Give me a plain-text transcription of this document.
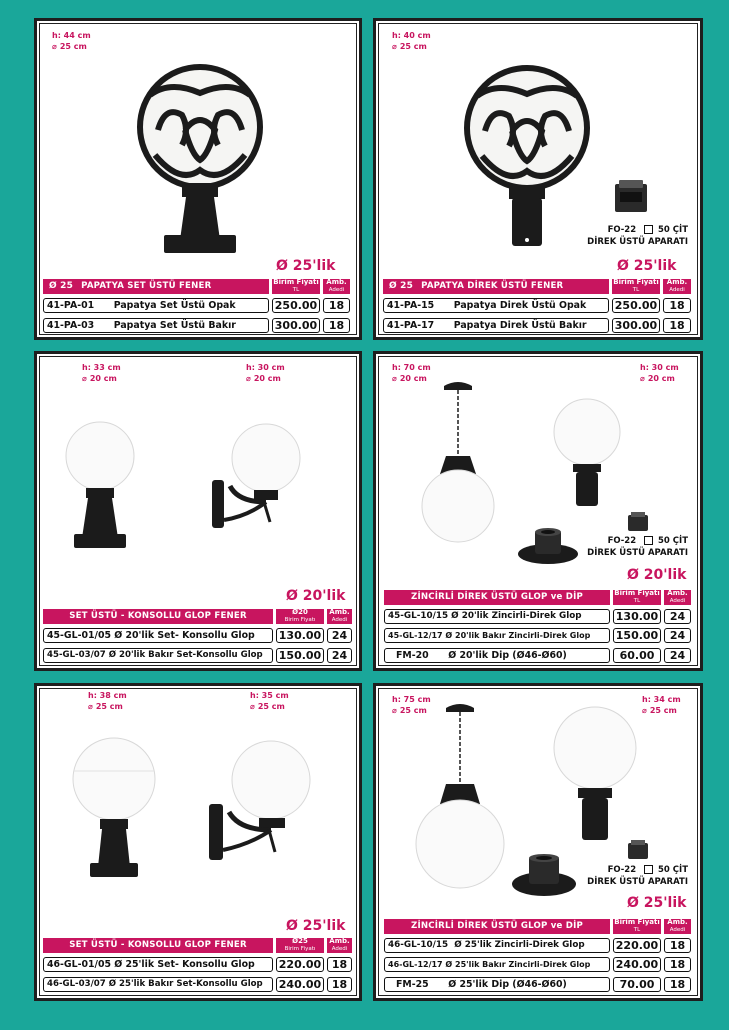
h: 44 cm
⌀ 25 cm
Ø 25'lik
Ø 25 PAPATYA SET ÜSTÜ FENER	Birim Fiyatı
TL
Amb.
Adedi
41-PA-01 Papatya Set Üstü Opak	250.00	18
41-PA-03 Papatya Set Üstü Bakır	300.00	18
h: 40 cm
⌀ 25 cm
FO-22	50 ÇİT
DİREK ÜSTÜ APARATI
Ø 25'lik
Ø 25 PAPATYA DİREK ÜSTÜ FENER	Birim Fiyatı
TL
Amb.
Adedi
41-PA-15 Papatya Direk Üstü Opak	250.00	18
41-PA-17 Papatya Direk Üstü Bakır	300.00	18
h: 33 cm
⌀ 20 cm
h: 30 cm
⌀ 20 cm
Ø 20'lik
SET ÜSTÜ - KONSOLLU GLOP FENER	Ø20
Birim Fiyatı
Amb.
Adedi
45-GL-01/05 Ø 20'lik Set- Konsollu Glop	130.00 24
45-GL-03/07 Ø 20'lik Bakır Set-Konsollu Glop	150.00 24
h: 70 cm
⌀ 20 cm
h: 30 cm
⌀ 20 cm
FO-22	50 ÇİT
DİREK ÜSTÜ APARATI
Ø 20'lik
ZİNCİRLİ DİREK ÜSTÜ GLOP ve DİP	Birim Fiyatı
TL
Amb.
Adedi
45-GL-10/15 Ø 20'lik Zincirli-Direk Glop	130.00	24
45-GL-12/17 Ø 20'lik Bakır Zincirli-Direk Glop	150.00	24
FM-20 Ø 20'lik Dip (Ø46-Ø60)	60.00	24
h: 38 cm
⌀ 25 cm
h: 35 cm
⌀ 25 cm
Ø 25'lik
SET ÜSTÜ - KONSOLLU GLOP FENER	Ø25
Birim Fiyatı
Amb.
Adedi
46-GL-01/05 Ø 25'lik Set- Konsollu Glop	220.00 18
46-GL-03/07 Ø 25'lik Bakır Set-Konsollu Glop	240.00 18
h: 75 cm
⌀ 25 cm
h: 34 cm
⌀ 25 cm
FO-22	50 ÇİT
DİREK ÜSTÜ APARATI
Ø 25'lik
ZİNCİRLİ DİREK ÜSTÜ GLOP ve DİP	Birim Fiyatı
TL
Amb.
Adedi
46-GL-10/15 Ø 25'lik Zincirli-Direk Glop	220.00	18
46-GL-12/17 Ø 25'lik Bakır Zincirli-Direk Glop	240.00	18
FM-25 Ø 25'lik Dip (Ø46-Ø60)	70.00	18
